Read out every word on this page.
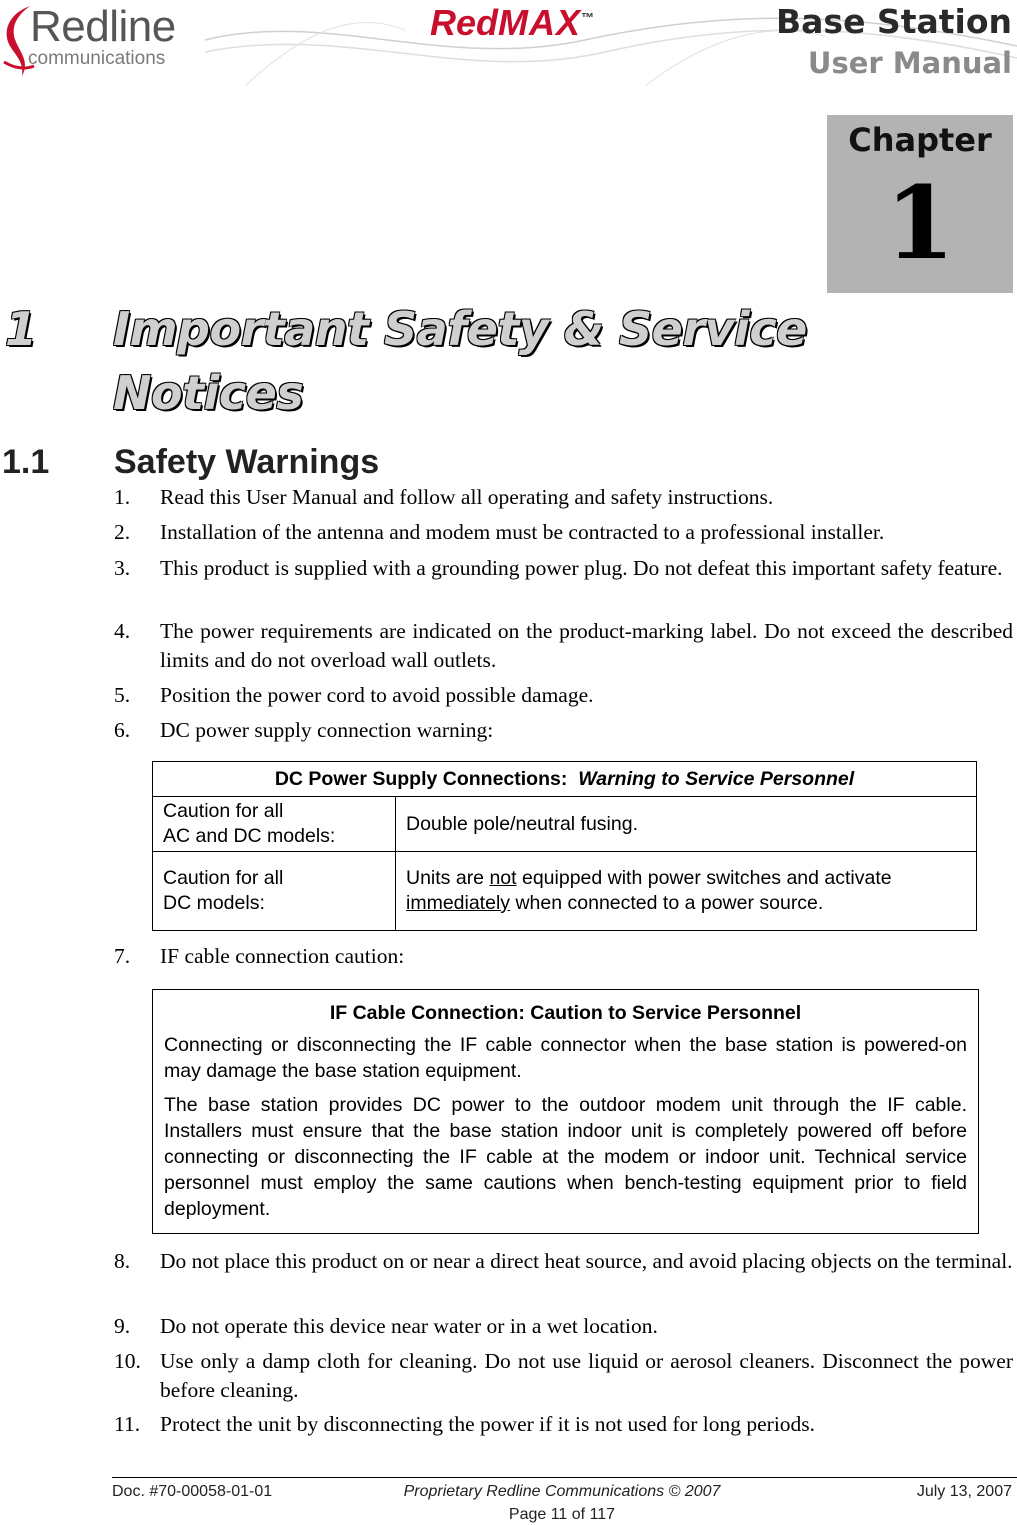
Redline
communications
RedMAX™	Base Station
User Manual
Chapter
1
1 Important Safety & Service Notices
1.1 Safety Warnings
1. Read this User Manual and follow all operating and safety instructions.
2. Installation of the antenna and modem must be contracted to a professional installer.
3. This product is supplied with a grounding power plug. Do not defeat this important safety feature.
4. The power requirements are indicated on the product-marking label. Do not exceed the described limits and do not overload wall outlets.
5. Position the power cord to avoid possible damage.
6. DC power supply connection warning:
DC Power Supply Connections: Warning to Service Personnel	
Caution for all
AC and DC models:	Double pole/neutral fusing.
Caution for all
DC models:	Units are not equipped with power switches and activate immediately when connected to a power source.
7. IF cable connection caution:
IF Cable Connection: Caution to Service Personnel

Connecting or disconnecting the IF cable connector when the base station is powered-on may damage the base station equipment.

The base station provides DC power to the outdoor modem unit through the IF cable. Installers must ensure that the base station indoor unit is completely powered off before connecting or disconnecting the IF cable at the modem or indoor unit. Technical service personnel must employ the same cautions when bench-testing equipment prior to field deployment.

8. Do not place this product on or near a direct heat source, and avoid placing objects on the terminal.
9. Do not operate this device near water or in a wet location.
10. Use only a damp cloth for cleaning. Do not use liquid or aerosol cleaners. Disconnect the power before cleaning.
11. Protect the unit by disconnecting the power if it is not used for long periods.
Doc. #70-00058-01-01	Proprietary Redline Communications © 2007	July 13, 2007
Page 11 of 117
